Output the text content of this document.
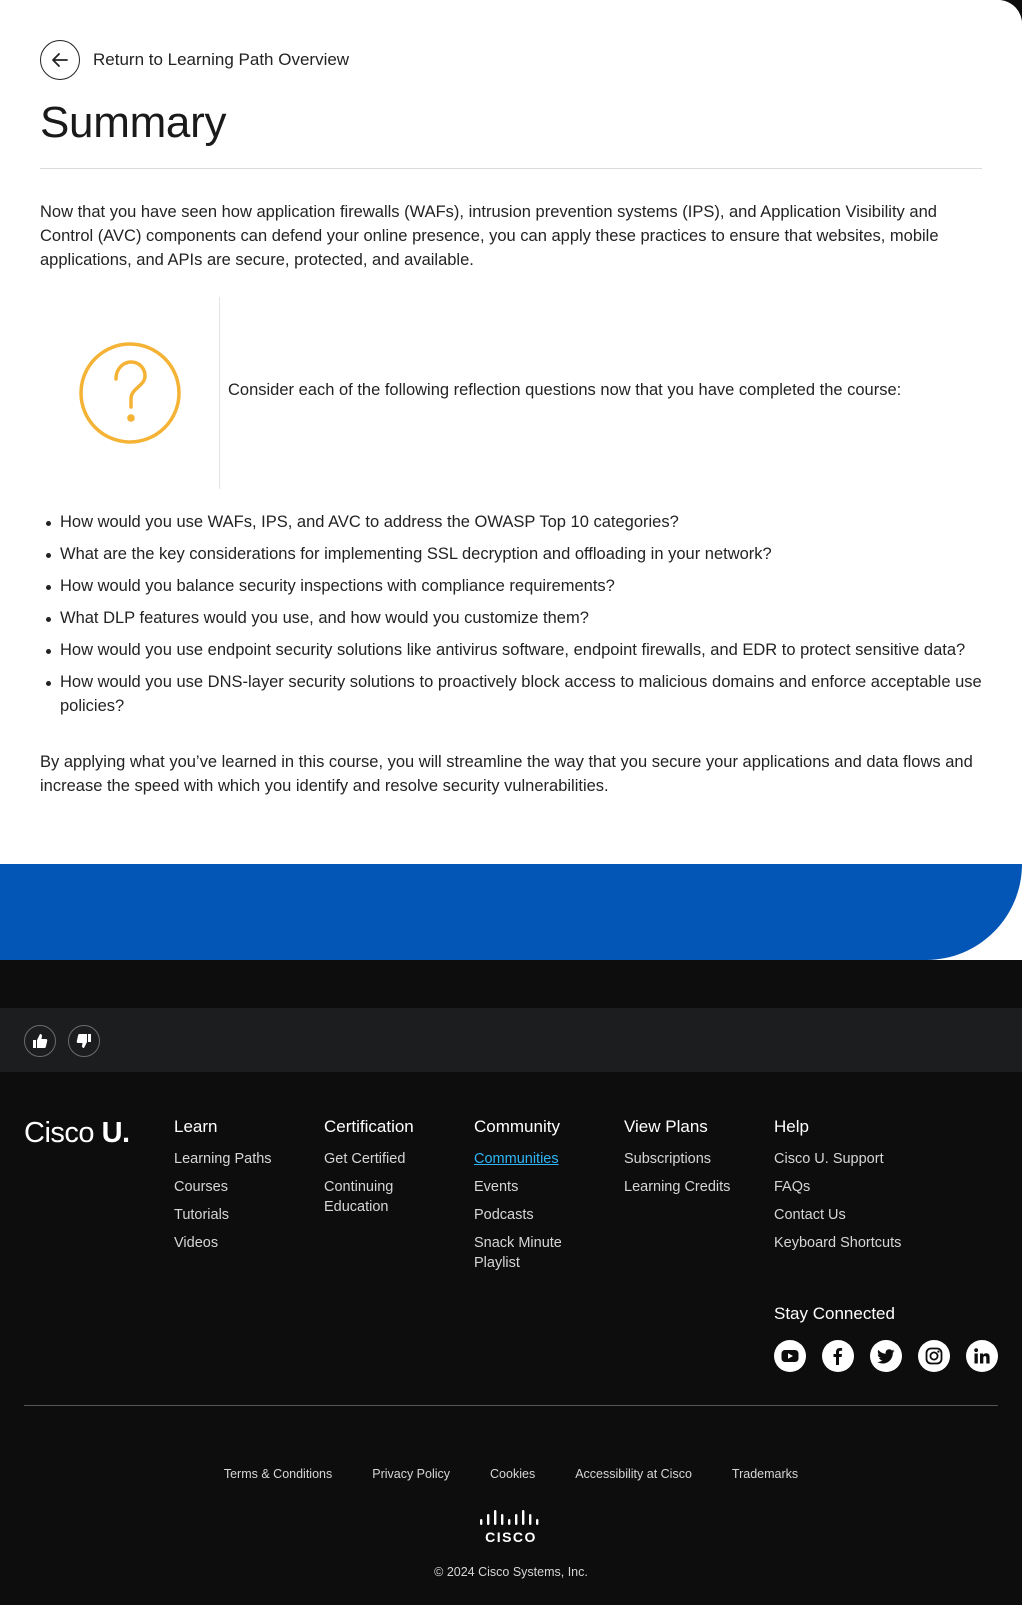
Return to Learning Path Overview
Summary

Now that you have seen how application firewalls (WAFs), intrusion prevention systems (IPS), and Application Visibility and Control (AVC) components can defend your online presence, you can apply these practices to ensure that websites, mobile applications, and APIs are secure, protected, and available.

Consider each of the following reflection questions now that you have completed the course:

How would you use WAFs, IPS, and AVC to address the OWASP Top 10 categories?
What are the key considerations for implementing SSL decryption and offloading in your network?
How would you balance security inspections with compliance requirements?
What DLP features would you use, and how would you customize them?
How would you use endpoint security solutions like antivirus software, endpoint firewalls, and EDR to protect sensitive data?
How would you use DNS-layer security solutions to proactively block access to malicious domains and enforce acceptable use policies?

By applying what you’ve learned in this course, you will streamline the way that you secure your applications and data flows and increase the speed with which you identify and resolve security vulnerabilities.

Cisco U.	Learn
Learning Paths
Courses
Tutorials
Videos
Certification
Get Certified
Continuing Education
Community
Communities
Events
Podcasts
Snack Minute Playlist
View Plans
Subscriptions
Learning Credits
Help
Cisco U. Support
FAQs
Contact Us
Keyboard Shortcuts
Stay Connected
Terms & Conditions	Privacy Policy	Cookies	Accessibility at Cisco	Trademarks
CISCO
© 2024 Cisco Systems, Inc.
